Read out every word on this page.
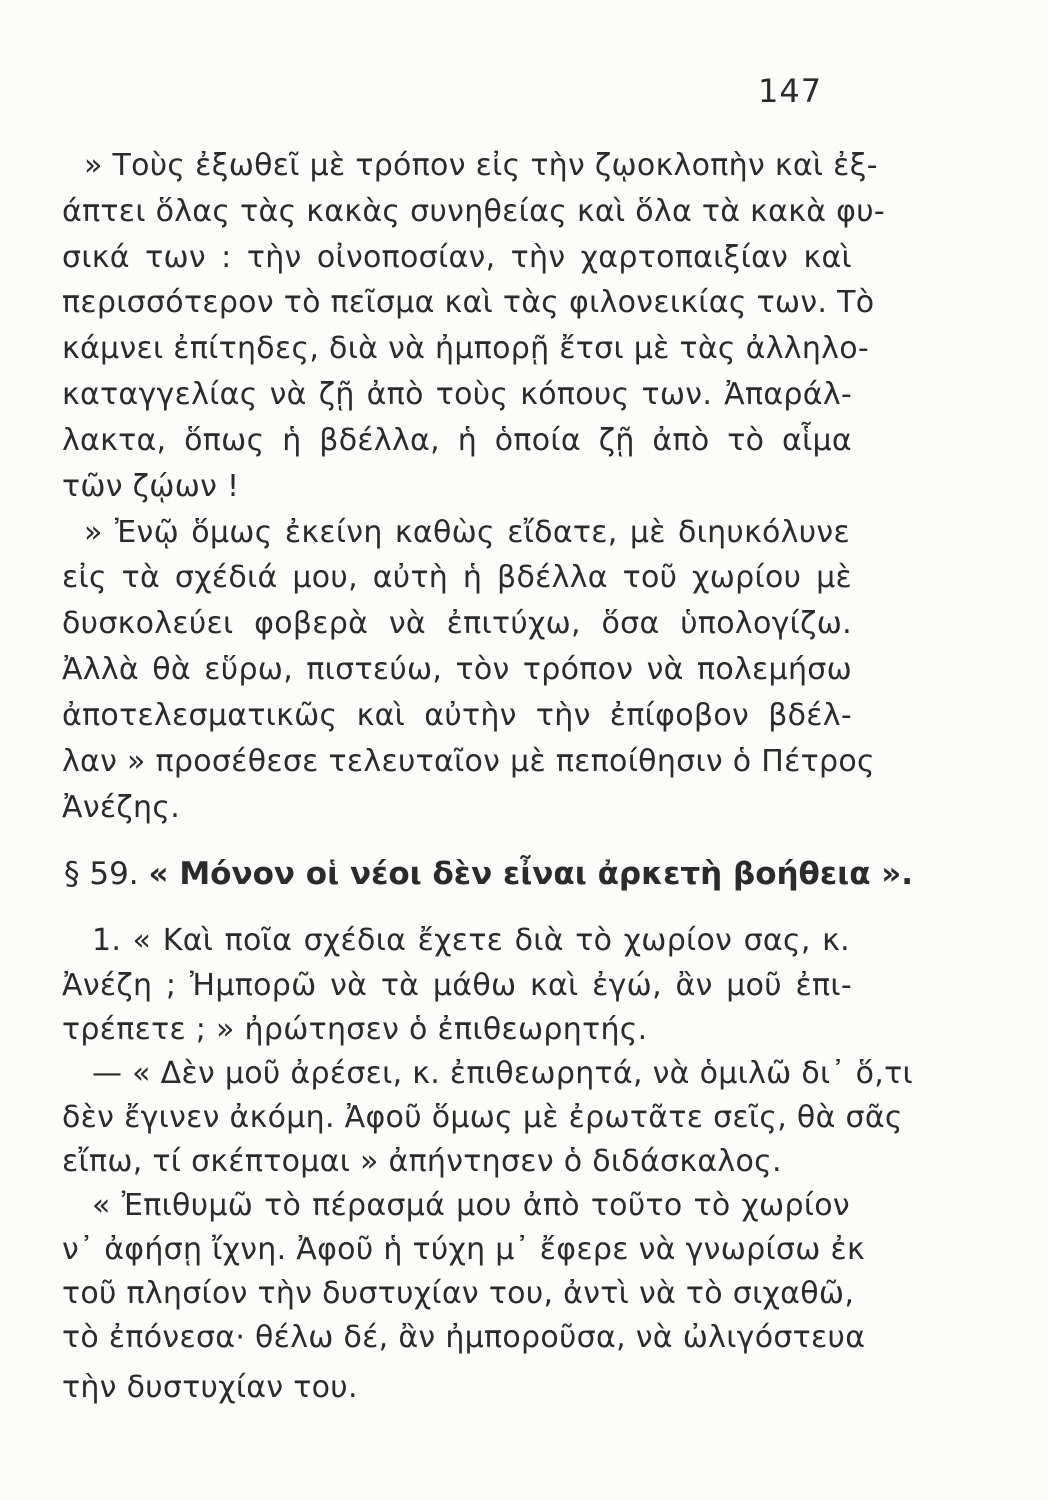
147
» Τοὺς ἐξωθεῖ μὲ τρόπον εἰς τὴν ζῳοκλοπὴν καὶ ἐξ-
άπτει ὅλας τὰς κακὰς συνηθείας καὶ ὅλα τὰ κακὰ φυ-
σικά των : τὴν οἰνοποσίαν, τὴν χαρτοπαιξίαν καὶ
περισσότερον τὸ πεῖσμα καὶ τὰς φιλονεικίας των. Τὸ
κάμνει ἐπίτηδες, διὰ νὰ ἠμπορῇ ἔτσι μὲ τὰς ἀλληλο-
καταγγελίας νὰ ζῇ ἀπὸ τοὺς κόπους των. Ἀπαράλ-
λακτα, ὅπως ἡ βδέλλα, ἡ ὁποία ζῇ ἀπὸ τὸ αἷμα
τῶν ζῴων !
» Ἐνῷ ὅμως ἐκείνη καθὼς εἴδατε, μὲ διηυκόλυνε
εἰς τὰ σχέδιά μου, αὐτὴ ἡ βδέλλα τοῦ χωρίου μὲ
δυσκολεύει φοβερὰ νὰ ἐπιτύχω, ὅσα ὑπολογίζω.
Ἀλλὰ θὰ εὕρω, πιστεύω, τὸν τρόπον νὰ πολεμήσω
ἀποτελεσματικῶς καὶ αὐτὴν τὴν ἐπίφοβον βδέλ-
λαν » προσέθεσε τελευταῖον μὲ πεποίθησιν ὁ Πέτρος
Ἀνέζης.
§ 59. « Μόνον οἱ νέοι δὲν εἶναι ἀρκετὴ βοήθεια ».
1. « Καὶ ποῖα σχέδια ἔχετε διὰ τὸ χωρίον σας, κ.
Ἀνέζη ; Ἠμπορῶ νὰ τὰ μάθω καὶ ἐγώ, ἂν μοῦ ἐπι-
τρέπετε ; » ἠρώτησεν ὁ ἐπιθεωρητής.
— « Δὲν μοῦ ἀρέσει, κ. ἐπιθεωρητά, νὰ ὁμιλῶ δι᾽ ὅ,τι
δὲν ἔγινεν ἀκόμη. Ἀφοῦ ὅμως μὲ ἐρωτᾶτε σεῖς, θὰ σᾶς
εἴπω, τί σκέπτομαι » ἀπήντησεν ὁ διδάσκαλος.
« Ἐπιθυμῶ τὸ πέρασμά μου ἀπὸ τοῦτο τὸ χωρίον
ν᾽ ἀφήσῃ ἴχνη. Ἀφοῦ ἡ τύχη μ᾽ ἔφερε νὰ γνωρίσω ἐκ
τοῦ πλησίον τὴν δυστυχίαν του, ἀντὶ νὰ τὸ σιχαθῶ,
τὸ ἐπόνεσα· θέλω δέ, ἂν ἠμποροῦσα, νὰ ὠλιγόστευα
τὴν δυστυχίαν του.
